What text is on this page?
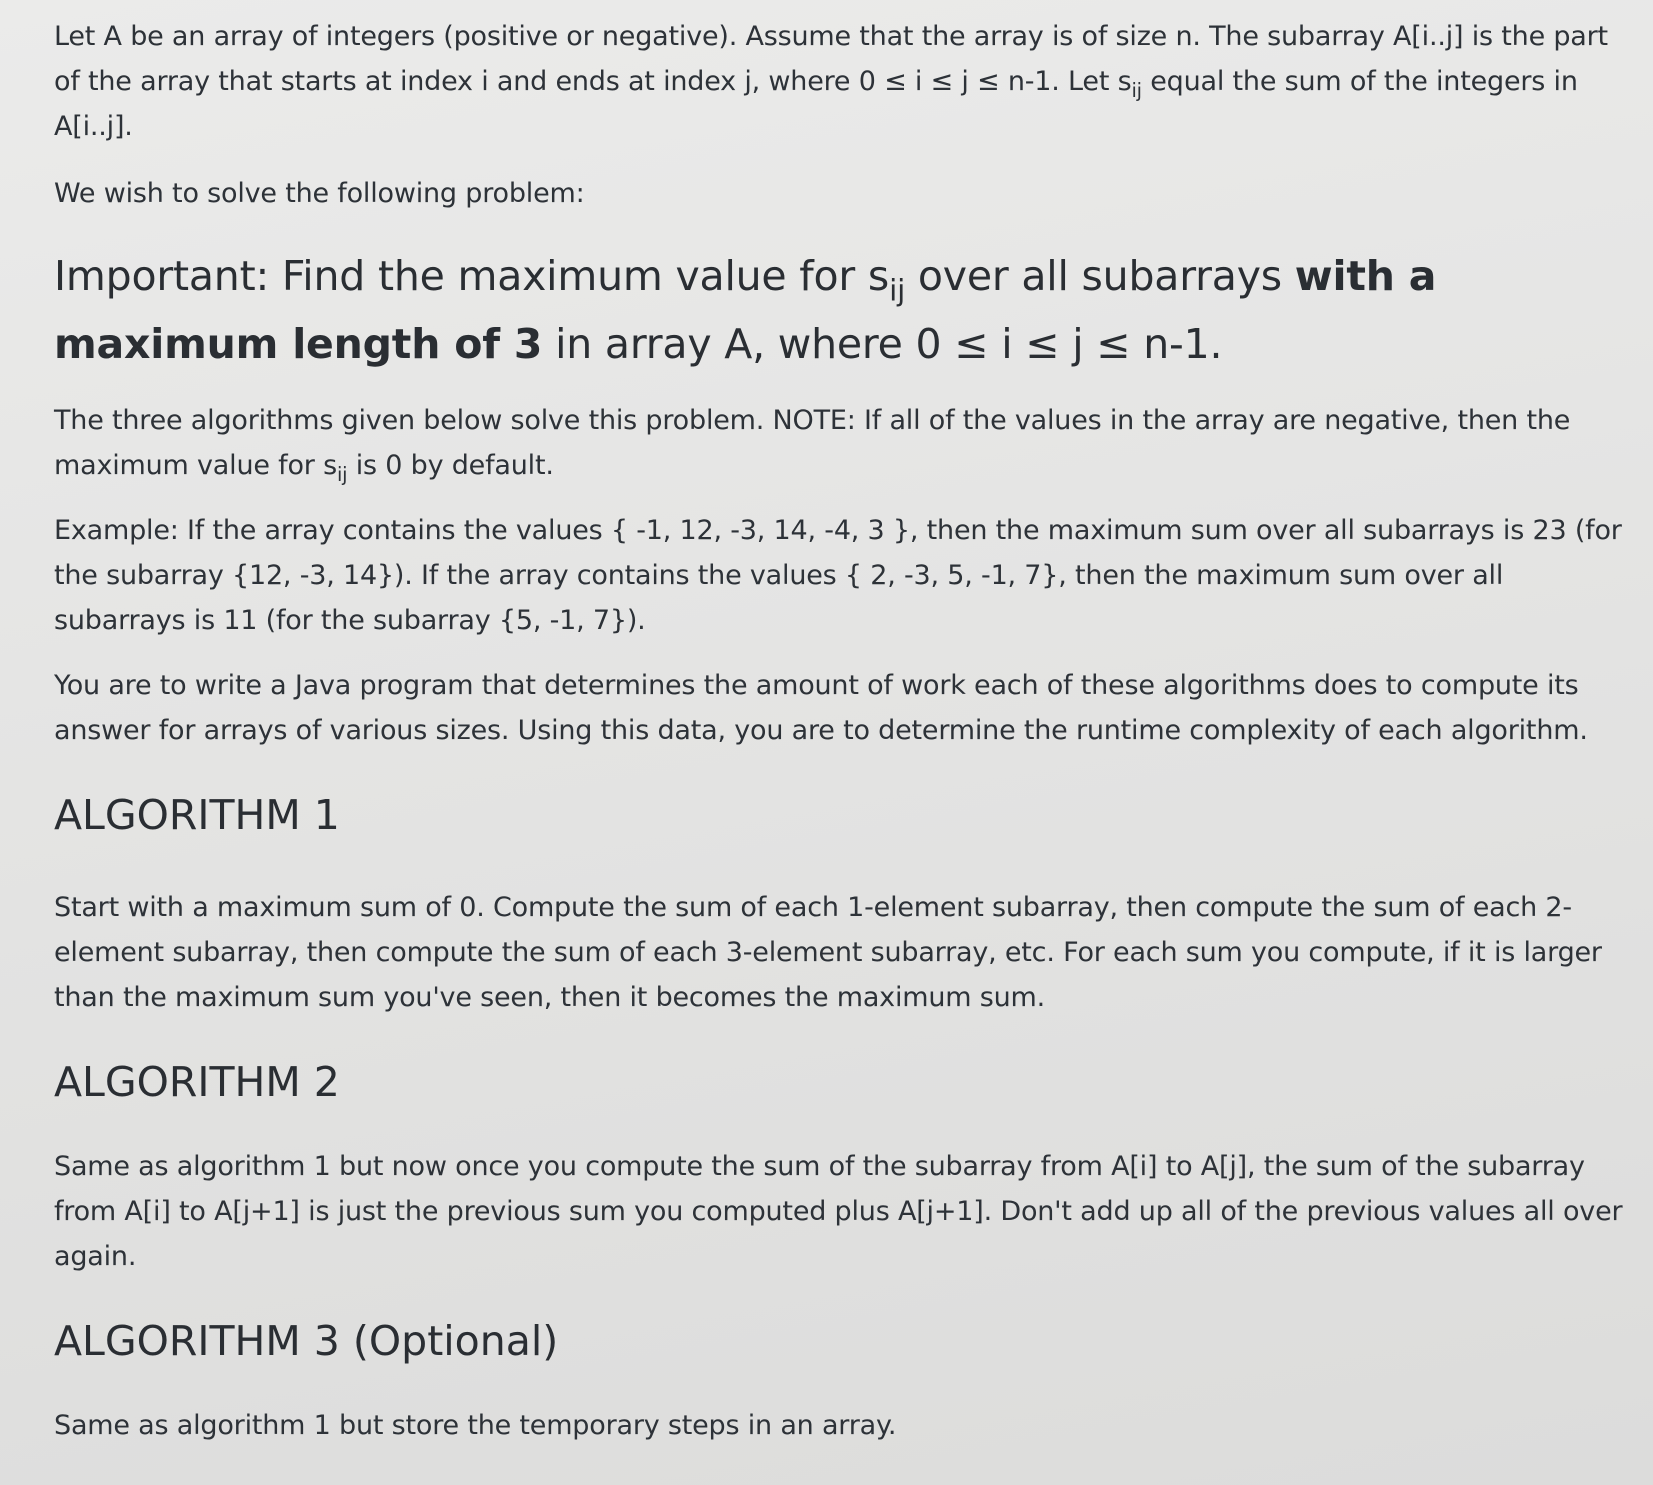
Let A be an array of integers (positive or negative). Assume that the array is of size n. The subarray A[i..j] is the part of the array that starts at index i and ends at index j, where 0 ≤ i ≤ j ≤ n-1. Let $s_{ij}$ equal the sum of the integers in A[i..j].

We wish to solve the following problem:

Important: Find the maximum value for $s_{ij}$ over all subarrays with a maximum length of 3 in array A, where 0 ≤ i ≤ j ≤ n-1.

The three algorithms given below solve this problem. NOTE: If all of the values in the array are negative, then the maximum value for $s_{ij}$ is 0 by default.

Example: If the array contains the values { -1, 12, -3, 14, -4, 3 }, then the maximum sum over all subarrays is 23 (for the subarray {12, -3, 14}). If the array contains the values { 2, -3, 5, -1, 7}, then the maximum sum over all subarrays is 11 (for the subarray {5, -1, 7}).

You are to write a Java program that determines the amount of work each of these algorithms does to compute its answer for arrays of various sizes. Using this data, you are to determine the runtime complexity of each algorithm.

ALGORITHM 1

Start with a maximum sum of 0. Compute the sum of each 1-element subarray, then compute the sum of each 2-element subarray, then compute the sum of each 3-element subarray, etc. For each sum you compute, if it is larger than the maximum sum you've seen, then it becomes the maximum sum.

ALGORITHM 2

Same as algorithm 1 but now once you compute the sum of the subarray from A[i] to A[j], the sum of the subarray from A[i] to A[j+1] is just the previous sum you computed plus A[j+1]. Don't add up all of the previous values all over again.

ALGORITHM 3 (Optional)

Same as algorithm 1 but store the temporary steps in an array.
